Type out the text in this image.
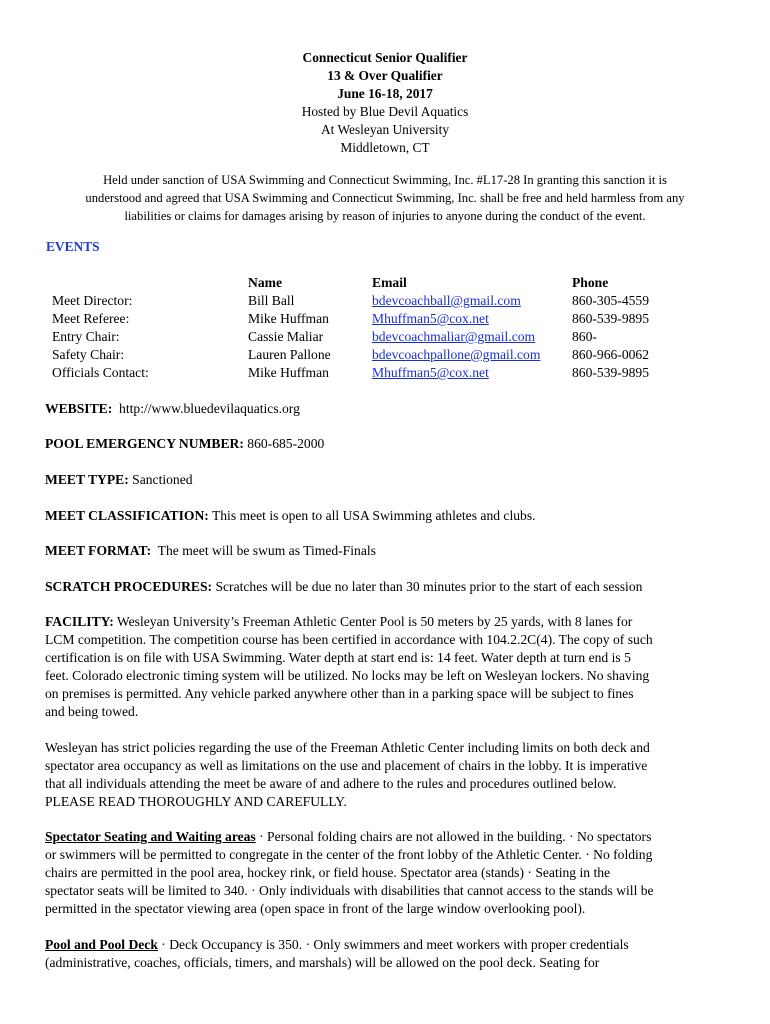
Connecticut Senior Qualifier
13 & Over Qualifier
June 16-18, 2017
Hosted by Blue Devil Aquatics
At Wesleyan University
Middletown, CT
Held under sanction of USA Swimming and Connecticut Swimming, Inc. #L17-28 In granting this sanction it is
understood and agreed that USA Swimming and Connecticut Swimming, Inc. shall be free and held harmless from any
liabilities or claims for damages arising by reason of injuries to anyone during the conduct of the event.
EVENTS
Meet Director:
Meet Referee:
Entry Chair:
Safety Chair:
Officials Contact:
Name
Bill Ball
Mike Huffman
Cassie Maliar
Lauren Pallone
Mike Huffman
Email
bdevcoachball@gmail.com
Mhuffman5@cox.net
bdevcoachmaliar@gmail.com
bdevcoachpallone@gmail.com
Mhuffman5@cox.net
Phone
860-305-4559
860-539-9895
860-
860-966-0062
860-539-9895
WEBSITE: http://www.bluedevilaquatics.org
POOL EMERGENCY NUMBER: 860-685-2000
MEET TYPE: Sanctioned
MEET CLASSIFICATION: This meet is open to all USA Swimming athletes and clubs.
MEET FORMAT: The meet will be swum as Timed-Finals
SCRATCH PROCEDURES: Scratches will be due no later than 30 minutes prior to the start of each session
FACILITY: Wesleyan University’s Freeman Athletic Center Pool is 50 meters by 25 yards, with 8 lanes for
LCM competition. The competition course has been certified in accordance with 104.2.2C(4). The copy of such
certification is on file with USA Swimming. Water depth at start end is: 14 feet. Water depth at turn end is 5
feet. Colorado electronic timing system will be utilized. No locks may be left on Wesleyan lockers. No shaving
on premises is permitted. Any vehicle parked anywhere other than in a parking space will be subject to fines
and being towed.
Wesleyan has strict policies regarding the use of the Freeman Athletic Center including limits on both deck and
spectator area occupancy as well as limitations on the use and placement of chairs in the lobby. It is imperative
that all individuals attending the meet be aware of and adhere to the rules and procedures outlined below.
PLEASE READ THOROUGHLY AND CAREFULLY.
Spectator Seating and Waiting areas · Personal folding chairs are not allowed in the building. · No spectators
or swimmers will be permitted to congregate in the center of the front lobby of the Athletic Center. · No folding
chairs are permitted in the pool area, hockey rink, or field house. Spectator area (stands) · Seating in the
spectator seats will be limited to 340. · Only individuals with disabilities that cannot access to the stands will be
permitted in the spectator viewing area (open space in front of the large window overlooking pool).
Pool and Pool Deck · Deck Occupancy is 350. · Only swimmers and meet workers with proper credentials
(administrative, coaches, officials, timers, and marshals) will be allowed on the pool deck. Seating for
